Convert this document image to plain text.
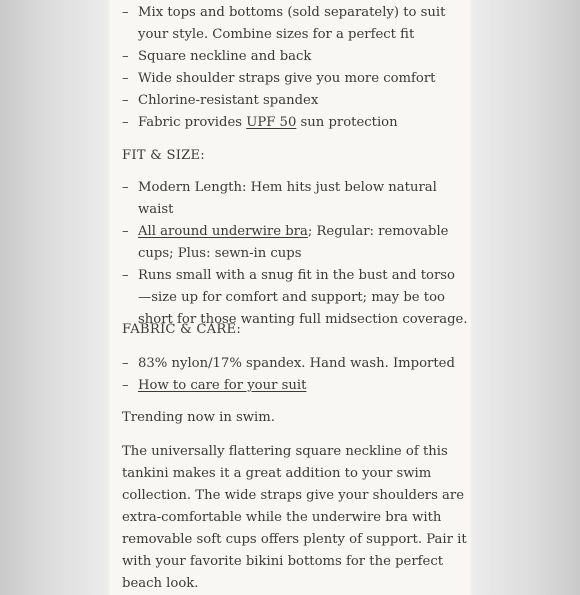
– Mix tops and bottoms (sold separately) to suit your style. Combine sizes for a perfect fit
– Square neckline and back
– Wide shoulder straps give you more comfort
– Chlorine-resistant spandex
– Fabric provides UPF 50 sun protection
FIT & SIZE:
– Modern Length: Hem hits just below natural waist
– All around underwire bra; Regular: removable cups; Plus: sewn-in cups
– Runs small with a snug fit in the bust and torso—size up for comfort and support; may be too short for those wanting full midsection coverage.
FABRIC & CARE:
– 83% nylon/17% spandex. Hand wash. Imported
– How to care for your suit

Trending now in swim.

The universally flattering square neckline of this tankini makes it a great addition to your swim collection. The wide straps give your shoulders are extra-comfortable while the underwire bra with removable soft cups offers plenty of support. Pair it with your favorite bikini bottoms for the perfect beach look.
